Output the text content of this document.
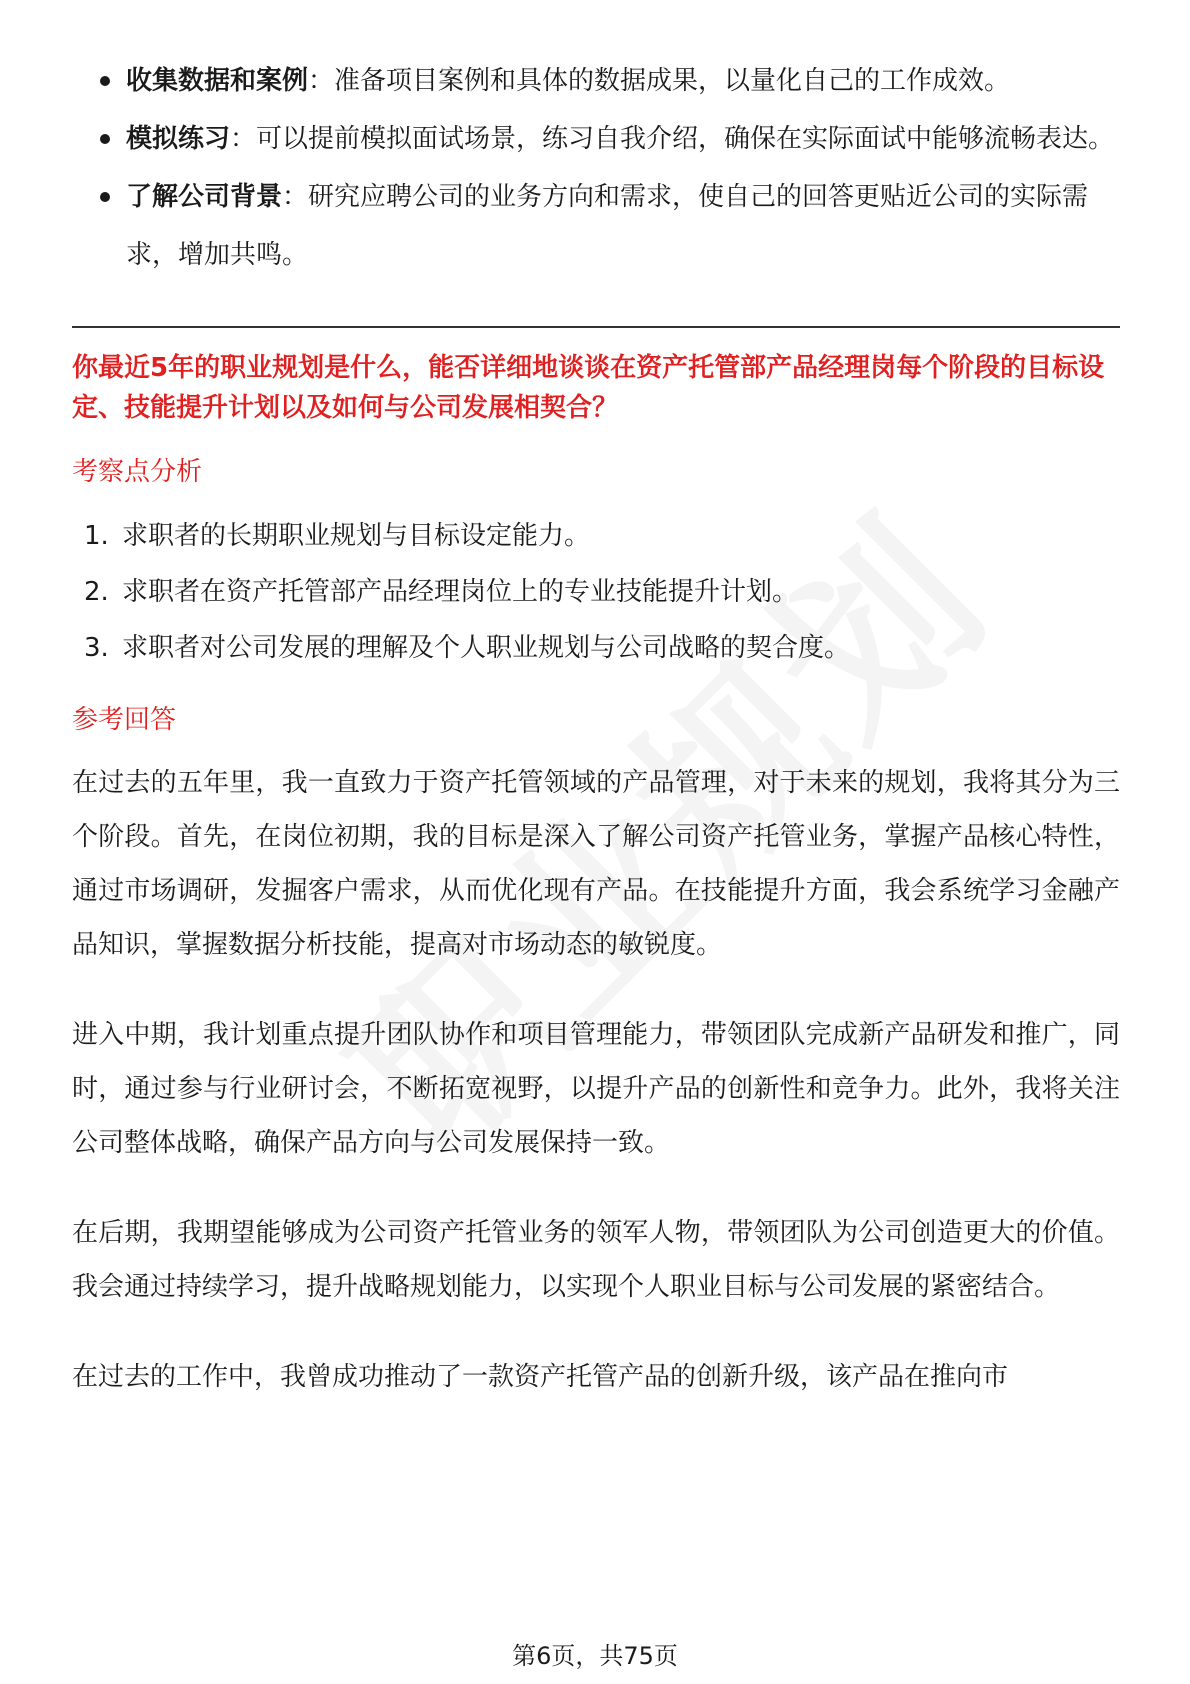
收集数据和案例：准备项目案例和具体的数据成果，以量化自己的工作成效。
模拟练习：可以提前模拟面试场景，练习自我介绍，确保在实际面试中能够流畅表达。
了解公司背景：研究应聘公司的业务方向和需求，使自己的回答更贴近公司的实际需求，增加共鸣。

你最近5年的职业规划是什么，能否详细地谈谈在资产托管部产品经理岗每个阶段的目标设定、技能提升计划以及如何与公司发展相契合？

考察点分析
1. 求职者的长期职业规划与目标设定能力。
2. 求职者在资产托管部产品经理岗位上的专业技能提升计划。
3. 求职者对公司发展的理解及个人职业规划与公司战略的契合度。
参考回答

在过去的五年里，我一直致力于资产托管领域的产品管理，对于未来的规划，我将其分为三个阶段。首先，在岗位初期，我的目标是深入了解公司资产托管业务，掌握产品核心特性，通过市场调研，发掘客户需求，从而优化现有产品。在技能提升方面，我会系统学习金融产品知识，掌握数据分析技能，提高对市场动态的敏锐度。

进入中期，我计划重点提升团队协作和项目管理能力，带领团队完成新产品研发和推广，同时，通过参与行业研讨会，不断拓宽视野，以提升产品的创新性和竞争力。此外，我将关注公司整体战略，确保产品方向与公司发展保持一致。

在后期，我期望能够成为公司资产托管业务的领军人物，带领团队为公司创造更大的价值。我会通过持续学习，提升战略规划能力，以实现个人职业目标与公司发展的紧密结合。

在过去的工作中，我曾成功推动了一款资产托管产品的创新升级，该产品在推向市

第6页，共75页
